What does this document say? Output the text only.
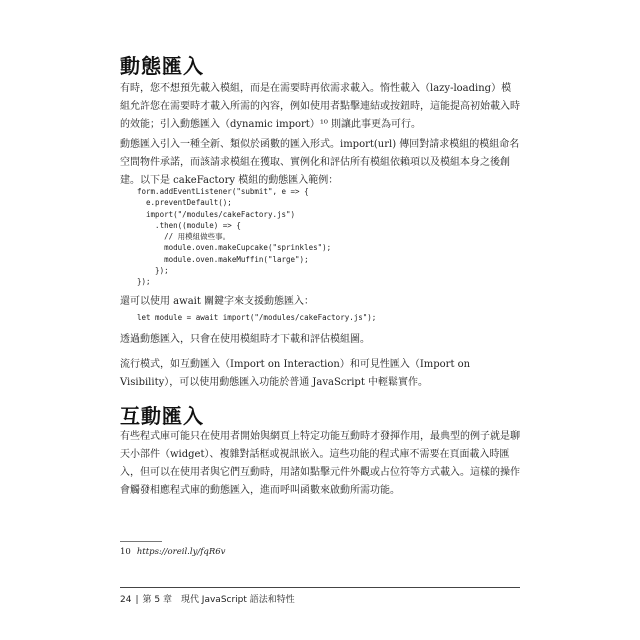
動態匯入

有時，您不想預先載入模組，而是在需要時再依需求載入。惰性載入（lazy-loading）模組允許您在需要時才載入所需的內容，例如使用者點擊連結或按鈕時，這能提高初始載入時的效能；引入動態匯入（dynamic import）¹⁰ 則讓此事更為可行。

動態匯入引入一種全新、類似於函數的匯入形式。import(url) 傳回對請求模組的模組命名空間物件承諾，而該請求模組在獲取、實例化和評估所有模組依賴項以及模組本身之後創建。以下是 cakeFactory 模組的動態匯入範例：

form.addEventListener("submit", e => {
e.preventDefault();
import("/modules/cakeFactory.js")
.then((module) => {
// 用模組做些事。
module.oven.makeCupcake("sprinkles");
module.oven.makeMuffin("large");
});
});

還可以使用 await 關鍵字來支援動態匯入：

let module = await import("/modules/cakeFactory.js");

透過動態匯入，只會在使用模組時才下載和評估模組圖。

流行模式，如互動匯入（Import on Interaction）和可見性匯入（Import on Visibility），可以使用動態匯入功能於普通 JavaScript 中輕鬆實作。

互動匯入

有些程式庫可能只在使用者開始與網頁上特定功能互動時才發揮作用，最典型的例子就是聊天小部件（widget）、複雜對話框或視訊嵌入。這些功能的程式庫不需要在頁面載入時匯入，但可以在使用者與它們互動時，用諸如點擊元件外觀或占位符等方式載入。這樣的操作會觸發相應程式庫的動態匯入，進而呼叫函數來啟動所需功能。

10 https://oreil.ly/fqR6v
24 | 第 5 章　現代 JavaScript 語法和特性
